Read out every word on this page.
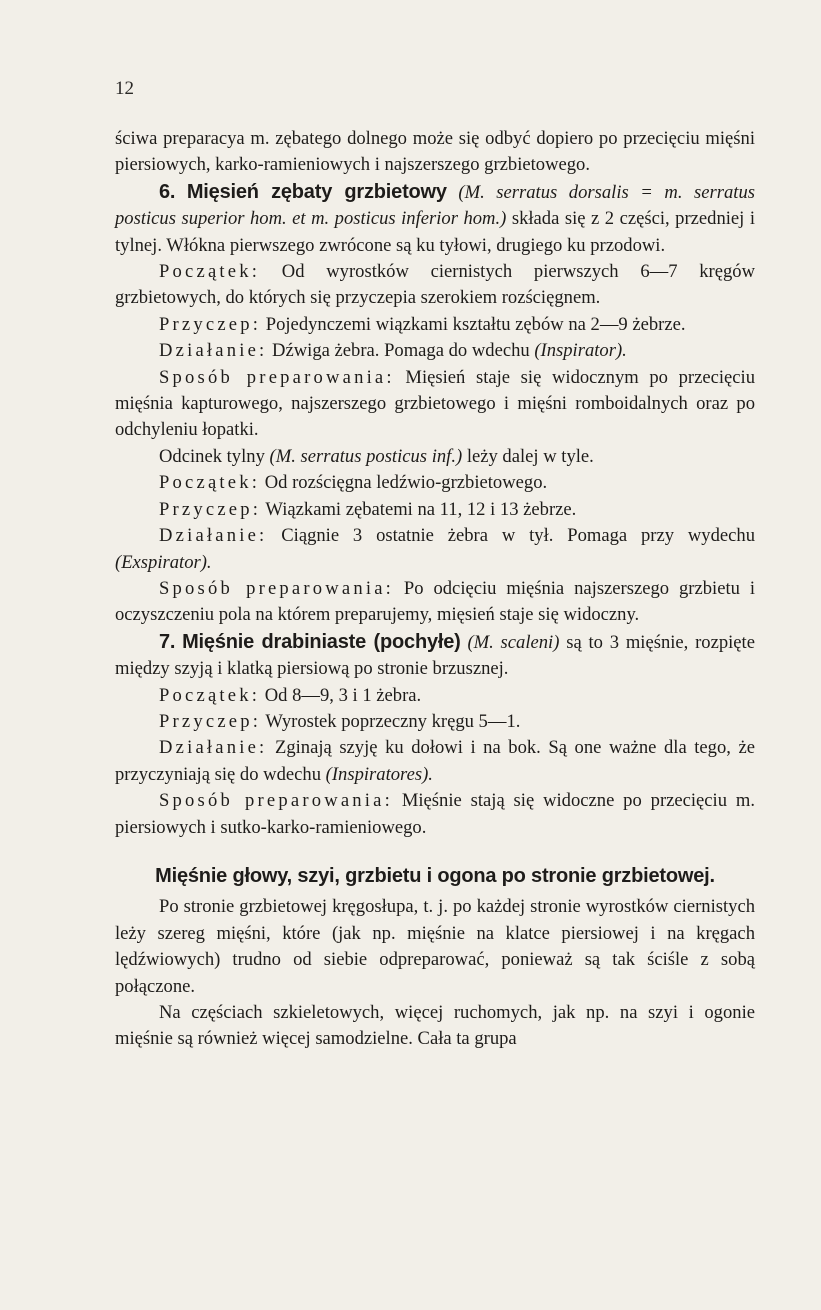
12

ściwa preparacya m. zębatego dolnego może się odbyć dopiero po przecięciu mięśni piersiowych, karko-ramieniowych i najszerszego grzbietowego.

6. Mięsień zębaty grzbietowy (M. serratus dorsalis = m. serratus posticus superior hom. et m. posticus inferior hom.) składa się z 2 części, przedniej i tylnej. Włókna pierwszego zwrócone są ku tyłowi, drugiego ku przodowi.

Początek: Od wyrostków ciernistych pierwszych 6—7 kręgów grzbietowych, do których się przyczepia szerokiem rozścięgnem.

Przyczep: Pojedynczemi wiązkami kształtu zębów na 2—9 żebrze.

Działanie: Dźwiga żebra. Pomaga do wdechu (Inspirator).

Sposób preparowania: Mięsień staje się widocznym po przecięciu mięśnia kapturowego, najszerszego grzbietowego i mięśni romboidalnych oraz po odchyleniu łopatki.

Odcinek tylny (M. serratus posticus inf.) leży dalej w tyle.

Początek: Od rozścięgna ledźwio-grzbietowego.

Przyczep: Wiązkami zębatemi na 11, 12 i 13 żebrze.

Działanie: Ciągnie 3 ostatnie żebra w tył. Pomaga przy wydechu (Exspirator).

Sposób preparowania: Po odcięciu mięśnia najszerszego grzbietu i oczyszczeniu pola na którem preparujemy, mięsień staje się widoczny.

7. Mięśnie drabiniaste (pochyłe) (M. scaleni) są to 3 mięśnie, rozpięte między szyją i klatką piersiową po stronie brzusznej.

Początek: Od 8—9, 3 i 1 żebra.

Przyczep: Wyrostek poprzeczny kręgu 5—1.

Działanie: Zginają szyję ku dołowi i na bok. Są one ważne dla tego, że przyczyniają się do wdechu (Inspiratores).

Sposób preparowania: Mięśnie stają się widoczne po przecięciu m. piersiowych i sutko-karko-ramieniowego.

Mięśnie głowy, szyi, grzbietu i ogona po stronie grzbietowej.

Po stronie grzbietowej kręgosłupa, t. j. po każdej stronie wyrostków ciernistych leży szereg mięśni, które (jak np. mięśnie na klatce piersiowej i na kręgach lędźwiowych) trudno od siebie odpreparować, ponieważ są tak ściśle z sobą połączone.

Na częściach szkieletowych, więcej ruchomych, jak np. na szyi i ogonie mięśnie są również więcej samodzielne. Cała ta grupa
